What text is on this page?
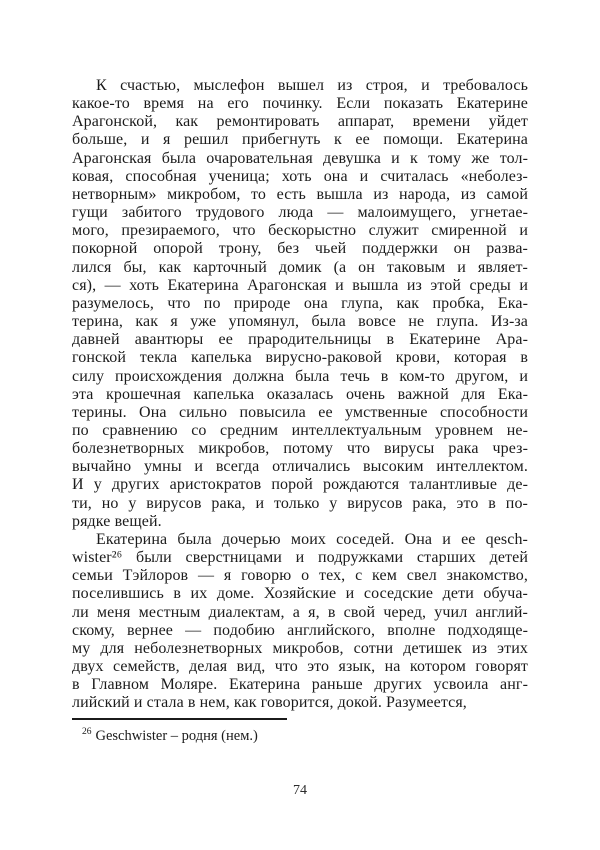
К счастью, мыслефон вышел из строя, и требовалось
какое-то время на его починку. Если показать Екатерине
Арагонской, как ремонтировать аппарат, времени уйдет
больше, и я решил прибегнуть к ее помощи. Екатерина
Арагонская была очаровательная девушка и к тому же тол-
ковая, способная ученица; хоть она и считалась «неболез-
нетворным» микробом, то есть вышла из народа, из самой
гущи забитого трудового люда — малоимущего, угнетае-
мого, презираемого, что бескорыстно служит смиренной и
покорной опорой трону, без чьей поддержки он разва-
лился бы, как карточный домик (а он таковым и являет-
ся), — хоть Екатерина Арагонская и вышла из этой среды и
разумелось, что по природе она глупа, как пробка, Ека-
терина, как я уже упомянул, была вовсе не глупа. Из-за
давней авантюры ее прародительницы в Екатерине Ара-
гонской текла капелька вирусно-раковой крови, которая в
силу происхождения должна была течь в ком-то другом, и
эта крошечная капелька оказалась очень важной для Ека-
терины. Она сильно повысила ее умственные способности
по сравнению со средним интеллектуальным уровнем не-
болезнетворных микробов, потому что вирусы рака чрез-
вычайно умны и всегда отличались высоким интеллектом.
И у других аристократов порой рождаются талантливые де-
ти, но у вирусов рака, и только у вирусов рака, это в по-
рядке вещей.
Екатерина была дочерью моих соседей. Она и ее qesch-
wister²⁶ были сверстницами и подружками старших детей
семьи Тэйлоров — я говорю о тех, с кем свел знакомство,
поселившись в их доме. Хозяйские и соседские дети обуча-
ли меня местным диалектам, а я, в свой черед, учил англий-
скому, вернее — подобию английского, вполне подходяще-
му для неболезнетворных микробов, сотни детишек из этих
двух семейств, делая вид, что это язык, на котором говорят
в Главном Моляре. Екатерина раньше других усвоила анг-
лийский и стала в нем, как говорится, докой. Разумеется,

$^{26}$ Geschwister – родня (нем.)

74
